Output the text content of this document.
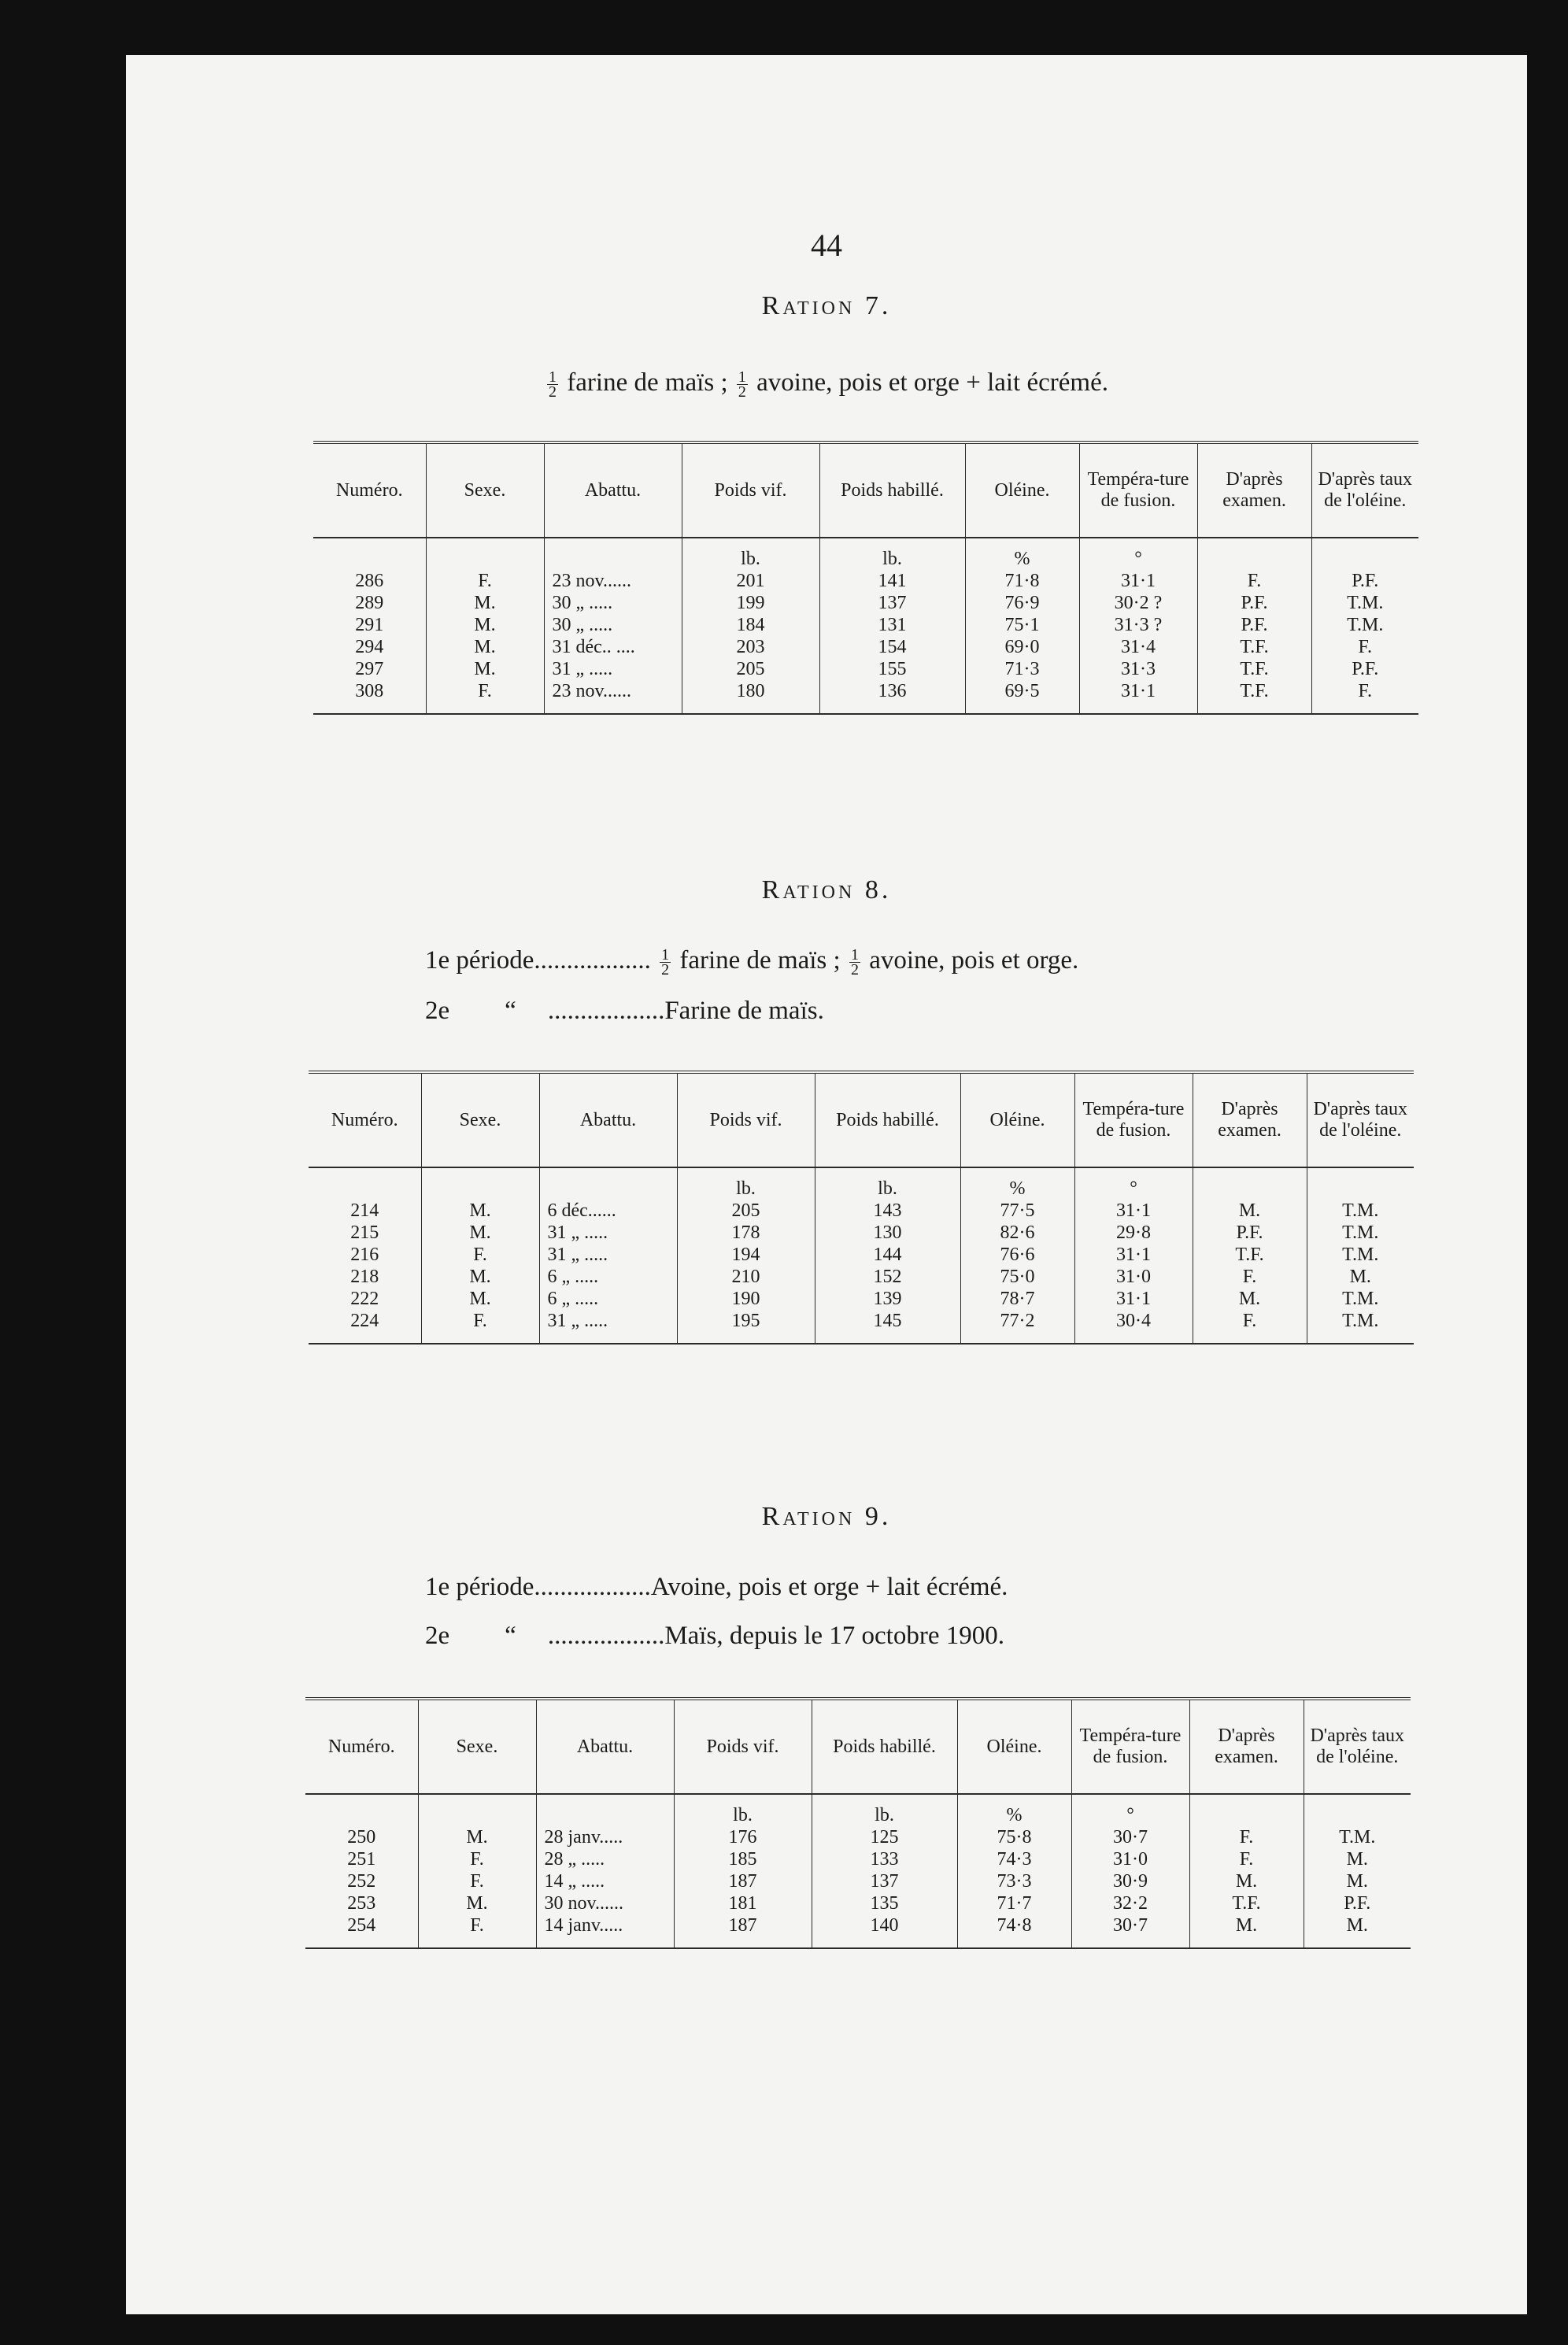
44
Ration 7.
$\frac{1}{2}$ farine de maïs ; $\frac{1}{2}$ avoine, pois et orge + lait écrémé.
Numéro.	Sexe.	Abattu.	Poids vif.	Poids habillé.	Oléine.	Tempéra-ture de fusion.	D'après examen.	D'après taux de l'oléine.
			lb.	lb.	%	°		
286	F.	23 nov......	201	141	71·8	31·1	F.	P.F.
289	M.	30 „ .....	199	137	76·9	30·2 ?	P.F.	T.M.
291	M.	30 „ .....	184	131	75·1	31·3 ?	P.F.	T.M.
294	M.	31 déc.. ....	203	154	69·0	31·4	T.F.	F.
297	M.	31 „ .....	205	155	71·3	31·3	T.F.	P.F.
308	F.	23 nov......	180	136	69·5	31·1	T.F.	F.
Ration 8.
1e période.................. $\frac{1}{2}$ farine de maïs ; $\frac{1}{2}$ avoine, pois et orge.
2e “ ..................Farine de maïs.
Numéro.	Sexe.	Abattu.	Poids vif.	Poids habillé.	Oléine.	Tempéra-ture de fusion.	D'après examen.	D'après taux de l'oléine.
			lb.	lb.	%	°		
214	M.	6 déc......	205	143	77·5	31·1	M.	T.M.
215	M.	31 „ .....	178	130	82·6	29·8	P.F.	T.M.
216	F.	31 „ .....	194	144	76·6	31·1	T.F.	T.M.
218	M.	6 „ .....	210	152	75·0	31·0	F.	M.
222	M.	6 „ .....	190	139	78·7	31·1	M.	T.M.
224	F.	31 „ .....	195	145	77·2	30·4	F.	T.M.
Ration 9.
1e période..................Avoine, pois et orge + lait écrémé.
2e “ ..................Maïs, depuis le 17 octobre 1900.
Numéro.	Sexe.	Abattu.	Poids vif.	Poids habillé.	Oléine.	Tempéra-ture de fusion.	D'après examen.	D'après taux de l'oléine.
			lb.	lb.	%	°		
250	M.	28 janv.....	176	125	75·8	30·7	F.	T.M.
251	F.	28 „ .....	185	133	74·3	31·0	F.	M.
252	F.	14 „ .....	187	137	73·3	30·9	M.	M.
253	M.	30 nov......	181	135	71·7	32·2	T.F.	P.F.
254	F.	14 janv.....	187	140	74·8	30·7	M.	M.
